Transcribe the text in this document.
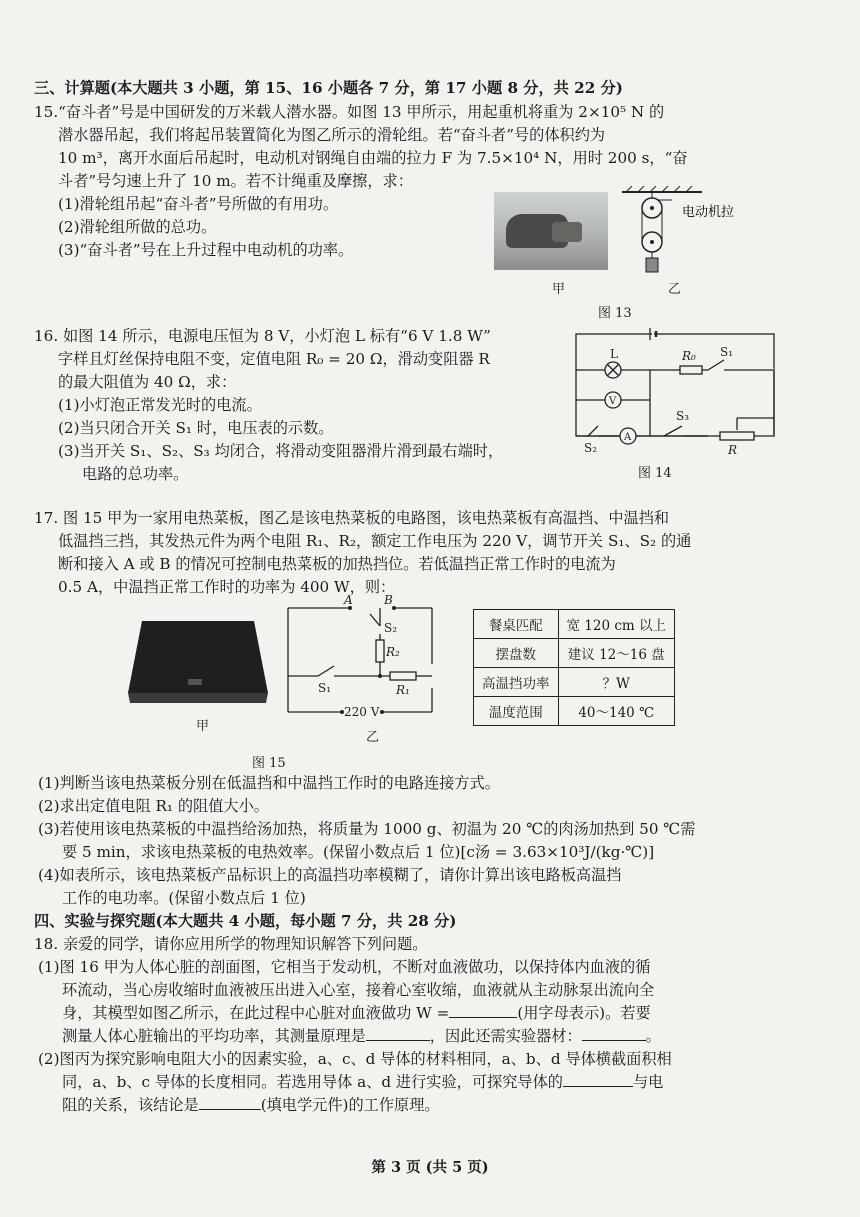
三、计算题(本大题共 3 小题，第 15、16 小题各 7 分，第 17 小题 8 分，共 22 分)
15.“奋斗者”号是中国研发的万米载人潜水器。如图 13 甲所示，用起重机将重为 2×10⁵ N 的
潜水器吊起，我们将起吊装置简化为图乙所示的滑轮组。若“奋斗者”号的体积约为
10 m³，离开水面后吊起时，电动机对钢绳自由端的拉力 F 为 7.5×10⁴ N，用时 200 s，“奋
斗者”号匀速上升了 10 m。若不计绳重及摩擦，求：
(1)滑轮组吊起“奋斗者”号所做的有用功。
(2)滑轮组所做的总功。
(3)“奋斗者”号在上升过程中电动机的功率。
甲	乙
图 13
电动机拉
16. 如图 14 所示，电源电压恒为 8 V，小灯泡 L 标有“6 V 1.8 W”
字样且灯丝保持电阻不变，定值电阻 R₀ = 20 Ω，滑动变阻器 R
的最大阻值为 40 Ω，求：
(1)小灯泡正常发光时的电流。
(2)当只闭合开关 S₁ 时，电压表的示数。
(3)当开关 S₁、S₂、S₃ 均闭合，将滑动变阻器滑片滑到最右端时，
电路的总功率。
L	R₀ S₁
V
A
S₂
S₃
R
图 14
17. 图 15 甲为一家用电热菜板，图乙是该电热菜板的电路图，该电热菜板有高温挡、中温挡和
低温挡三挡，其发热元件为两个电阻 R₁、R₂，额定工作电压为 220 V，调节开关 S₁、S₂ 的通
断和接入 A 或 B 的情况可控制电热菜板的加热挡位。若低温挡正常工作时的电流为
0.5 A，中温挡正常工作时的功率为 400 W，则：
甲
A	B
S₂
R₂
S₁	R₁
220 V
乙
图 15
餐桌匹配	宽 120 cm 以上
摆盘数	建议 12～16 盘
高温挡功率	？W
温度范围	40～140 ℃
(1)判断当该电热菜板分别在低温挡和中温挡工作时的电路连接方式。
(2)求出定值电阻 R₁ 的阻值大小。
(3)若使用该电热菜板的中温挡给汤加热，将质量为 1000 g、初温为 20 ℃的肉汤加热到 50 ℃需
要 5 min，求该电热菜板的电热效率。(保留小数点后 1 位)[c汤 = 3.63×10³J/(kg·℃)]
(4)如表所示，该电热菜板产品标识上的高温挡功率模糊了，请你计算出该电路板高温挡
工作的电功率。(保留小数点后 1 位)
四、实验与探究题(本大题共 4 小题，每小题 7 分，共 28 分)
18. 亲爱的同学，请你应用所学的物理知识解答下列问题。
(1)图 16 甲为人体心脏的剖面图，它相当于发动机，不断对血液做功，以保持体内血液的循
环流动，当心房收缩时血液被压出进入心室，接着心室收缩，血液就从主动脉泵出流向全
身，其模型如图乙所示，在此过程中心脏对血液做功 W =	(用字母表示)。若要
测量人体心脏输出的平均功率，其测量原理是	，因此还需实验器材：	。
(2)图丙为探究影响电阻大小的因素实验，a、c、d 导体的材料相同，a、b、d 导体横截面积相
同，a、b、c 导体的长度相同。若选用导体 a、d 进行实验，可探究导体的	与电
阻的关系，该结论是	(填电学元件)的工作原理。
第 3 页 (共 5 页)
